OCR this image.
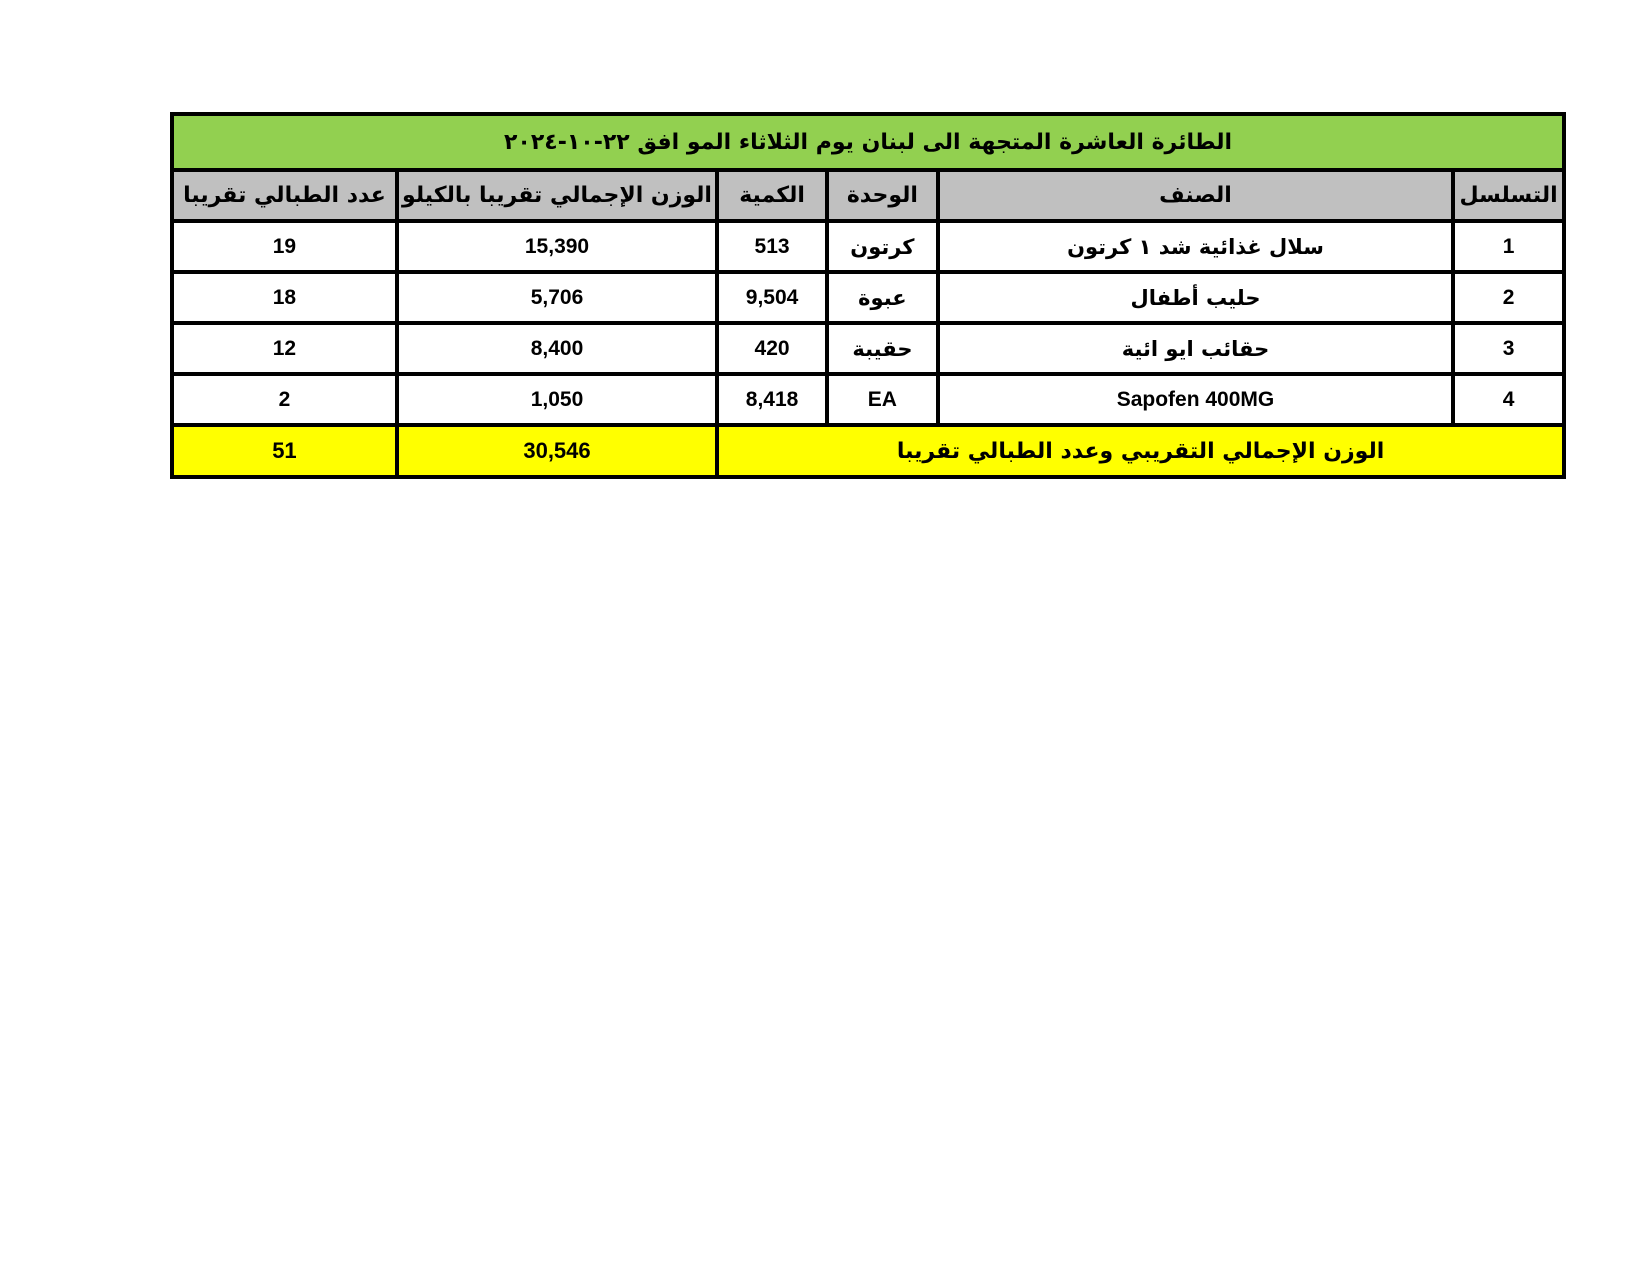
الطائرة العاشرة المتجهة الى لبنان يوم الثلاثاء المو افق ٢٢-١٠-٢٠٢٤					
التسلسل	الصنف	الوحدة	الكمية	الوزن الإجمالي تقريبا بالكيلو	عدد الطبالي تقريبا
1	سلال غذائية شد ١ كرتون	كرتون	513	15,390	19
2	حليب أطفال	عبوة	9,504	5,706	18
3	حقائب ايو ائية	حقيبة	420	8,400	12
4	Sapofen 400MG	EA	8,418	1,050	2
الوزن الإجمالي التقريبي وعدد الطبالي تقريبا				30,546	51
